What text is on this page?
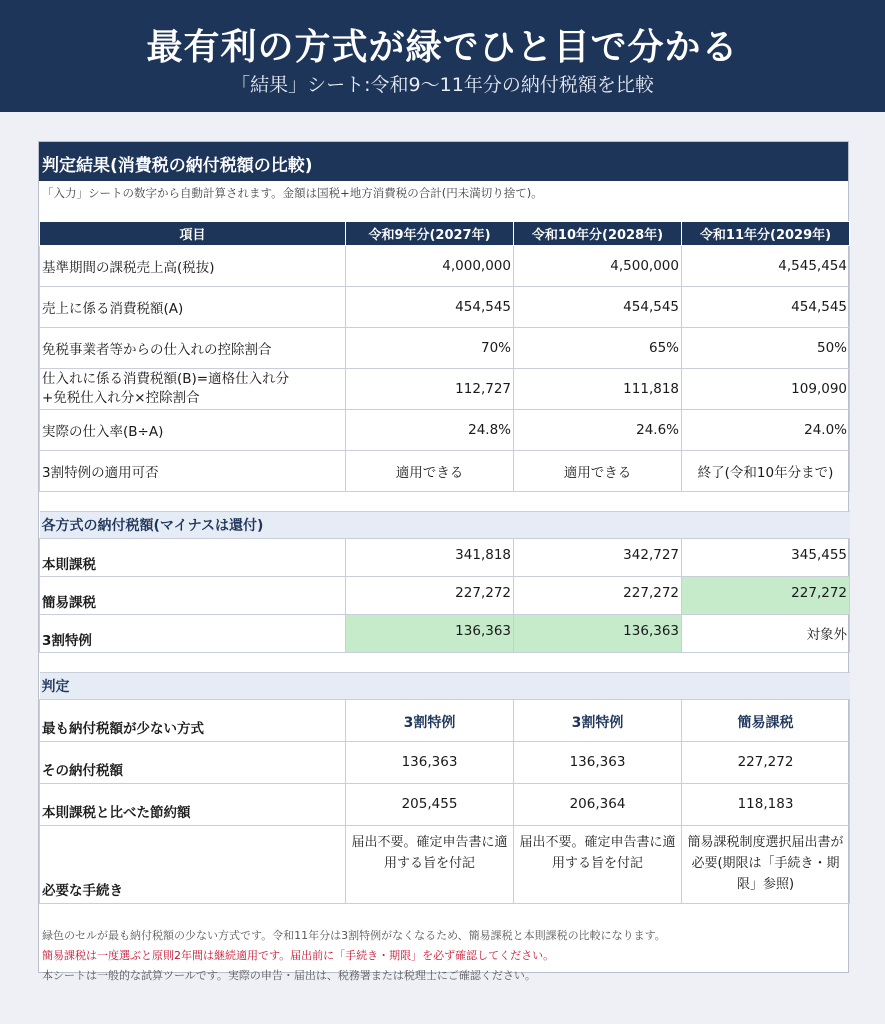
最有利の方式が緑でひと目で分かる
「結果」シート:令和9〜11年分の納付税額を比較
判定結果(消費税の納付税額の比較)
「入力」シートの数字から自動計算されます。金額は国税+地方消費税の合計(円未満切り捨て)。
項目	令和9年分(2027年)	令和10年分(2028年)	令和11年分(2029年)
基準期間の課税売上高(税抜)	4,000,000	4,500,000	4,545,454
売上に係る消費税額(A)	454,545	454,545	454,545
免税事業者等からの仕入れの控除割合	70%	65%	50%
仕入れに係る消費税額(B)=適格仕入れ分
+免税仕入れ分×控除割合	112,727	111,818	109,090
実際の仕入率(B÷A)	24.8%	24.6%	24.0%
3割特例の適用可否	適用できる	適用できる	終了(令和10年分まで)

各方式の納付税額(マイナスは還付)			
本則課税	341,818	342,727	345,455
簡易課税	227,272	227,272	227,272
3割特例	136,363	136,363	対象外

判定			
最も納付税額が少ない方式	3割特例	3割特例	簡易課税
その納付税額	136,363	136,363	227,272
本則課税と比べた節約額	205,455	206,364	118,183
必要な手続き	届出不要。確定申告書に適用する旨を付記	届出不要。確定申告書に適用する旨を付記	簡易課税制度選択届出書が必要(期限は「手続き・期限」参照)
緑色のセルが最も納付税額の少ない方式です。令和11年分は3割特例がなくなるため、簡易課税と本則課税の比較になります。
簡易課税は一度選ぶと原則2年間は継続適用です。届出前に「手続き・期限」を必ず確認してください。
本シートは一般的な試算ツールです。実際の申告・届出は、税務署または税理士にご確認ください。
